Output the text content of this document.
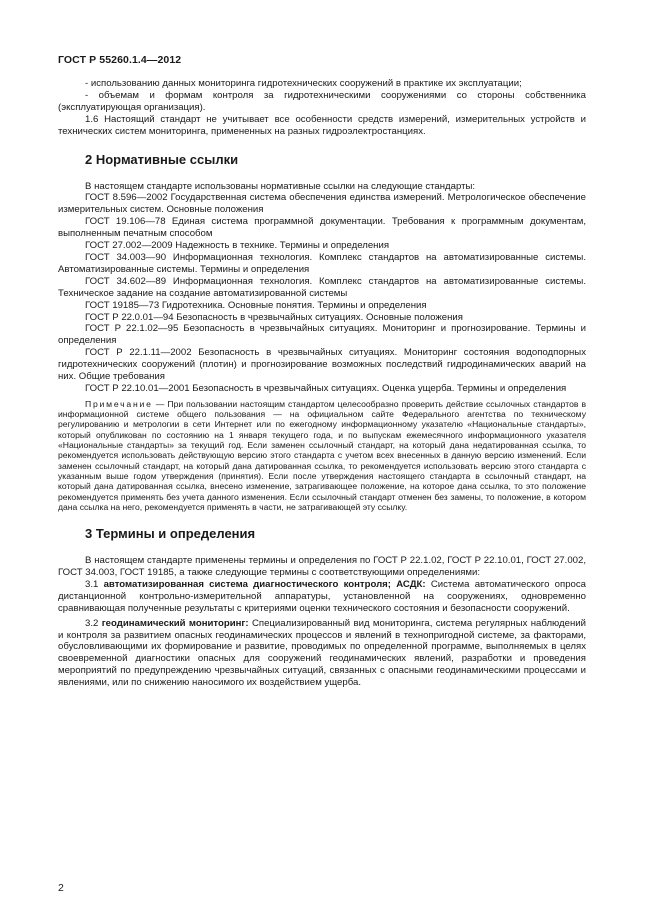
ГОСТ Р 55260.1.4—2012

- использованию данных мониторинга гидротехнических сооружений в практике их эксплуатации;

- объемам и формам контроля за гидротехническими сооружениями со стороны собственника (эксплуатирующая организация).

1.6 Настоящий стандарт не учитывает все особенности средств измерений, измерительных устройств и технических систем мониторинга, примененных на разных гидроэлектростанциях.

2 Нормативные ссылки

В настоящем стандарте использованы нормативные ссылки на следующие стандарты:

ГОСТ 8.596—2002 Государственная система обеспечения единства измерений. Метрологическое обеспечение измерительных систем. Основные положения

ГОСТ 19.106—78 Единая система программной документации. Требования к программным документам, выполненным печатным способом

ГОСТ 27.002—2009 Надежность в технике. Термины и определения

ГОСТ 34.003—90 Информационная технология. Комплекс стандартов на автоматизированные системы. Автоматизированные системы. Термины и определения

ГОСТ 34.602—89 Информационная технология. Комплекс стандартов на автоматизированные системы. Техническое задание на создание автоматизированной системы

ГОСТ 19185—73 Гидротехника. Основные понятия. Термины и определения

ГОСТ Р 22.0.01—94 Безопасность в чрезвычайных ситуациях. Основные положения

ГОСТ Р 22.1.02—95 Безопасность в чрезвычайных ситуациях. Мониторинг и прогнозирование. Термины и определения

ГОСТ Р 22.1.11—2002 Безопасность в чрезвычайных ситуациях. Мониторинг состояния водоподпорных гидротехнических сооружений (плотин) и прогнозирование возможных последствий гидродинамических аварий на них. Общие требования

ГОСТ Р 22.10.01—2001 Безопасность в чрезвычайных ситуациях. Оценка ущерба. Термины и определения

Примечание — При пользовании настоящим стандартом целесообразно проверить действие ссылочных стандартов в информационной системе общего пользования — на официальном сайте Федерального агентства по техническому регулированию и метрологии в сети Интернет или по ежегодному информационному указателю «Национальные стандарты», который опубликован по состоянию на 1 января текущего года, и по выпускам ежемесячного информационного указателя «Национальные стандарты» за текущий год. Если заменен ссылочный стандарт, на который дана недатированная ссылка, то рекомендуется использовать действующую версию этого стандарта с учетом всех внесенных в данную версию изменений. Если заменен ссылочный стандарт, на который дана датированная ссылка, то рекомендуется использовать версию этого стандарта с указанным выше годом утверждения (принятия). Если после утверждения настоящего стандарта в ссылочный стандарт, на который дана датированная ссылка, внесено изменение, затрагивающее положение, на которое дана ссылка, то это положение рекомендуется применять без учета данного изменения. Если ссылочный стандарт отменен без замены, то положение, в котором дана ссылка на него, рекомендуется применять в части, не затрагивающей эту ссылку.

3 Термины и определения

В настоящем стандарте применены термины и определения по ГОСТ Р 22.1.02, ГОСТ Р 22.10.01, ГОСТ 27.002, ГОСТ 34.003, ГОСТ 19185, а также следующие термины с соответствующими определениями:

3.1 автоматизированная система диагностического контроля; АСДК: Система автоматического опроса дистанционной контрольно-измерительной аппаратуры, установленной на сооружениях, одновременно сравнивающая полученные результаты с критериями оценки технического состояния и безопасности сооружений.

3.2 геодинамический мониторинг: Специализированный вид мониторинга, система регулярных наблюдений и контроля за развитием опасных геодинамических процессов и явлений в технопригодной системе, за факторами, обусловливающими их формирование и развитие, проводимых по определенной программе, выполняемых в целях своевременной диагностики опасных для сооружений геодинамических явлений, разработки и проведения мероприятий по предупреждению чрезвычайных ситуаций, связанных с опасными геодинамическими процессами и явлениями, или по снижению наносимого их воздействием ущерба.

2
